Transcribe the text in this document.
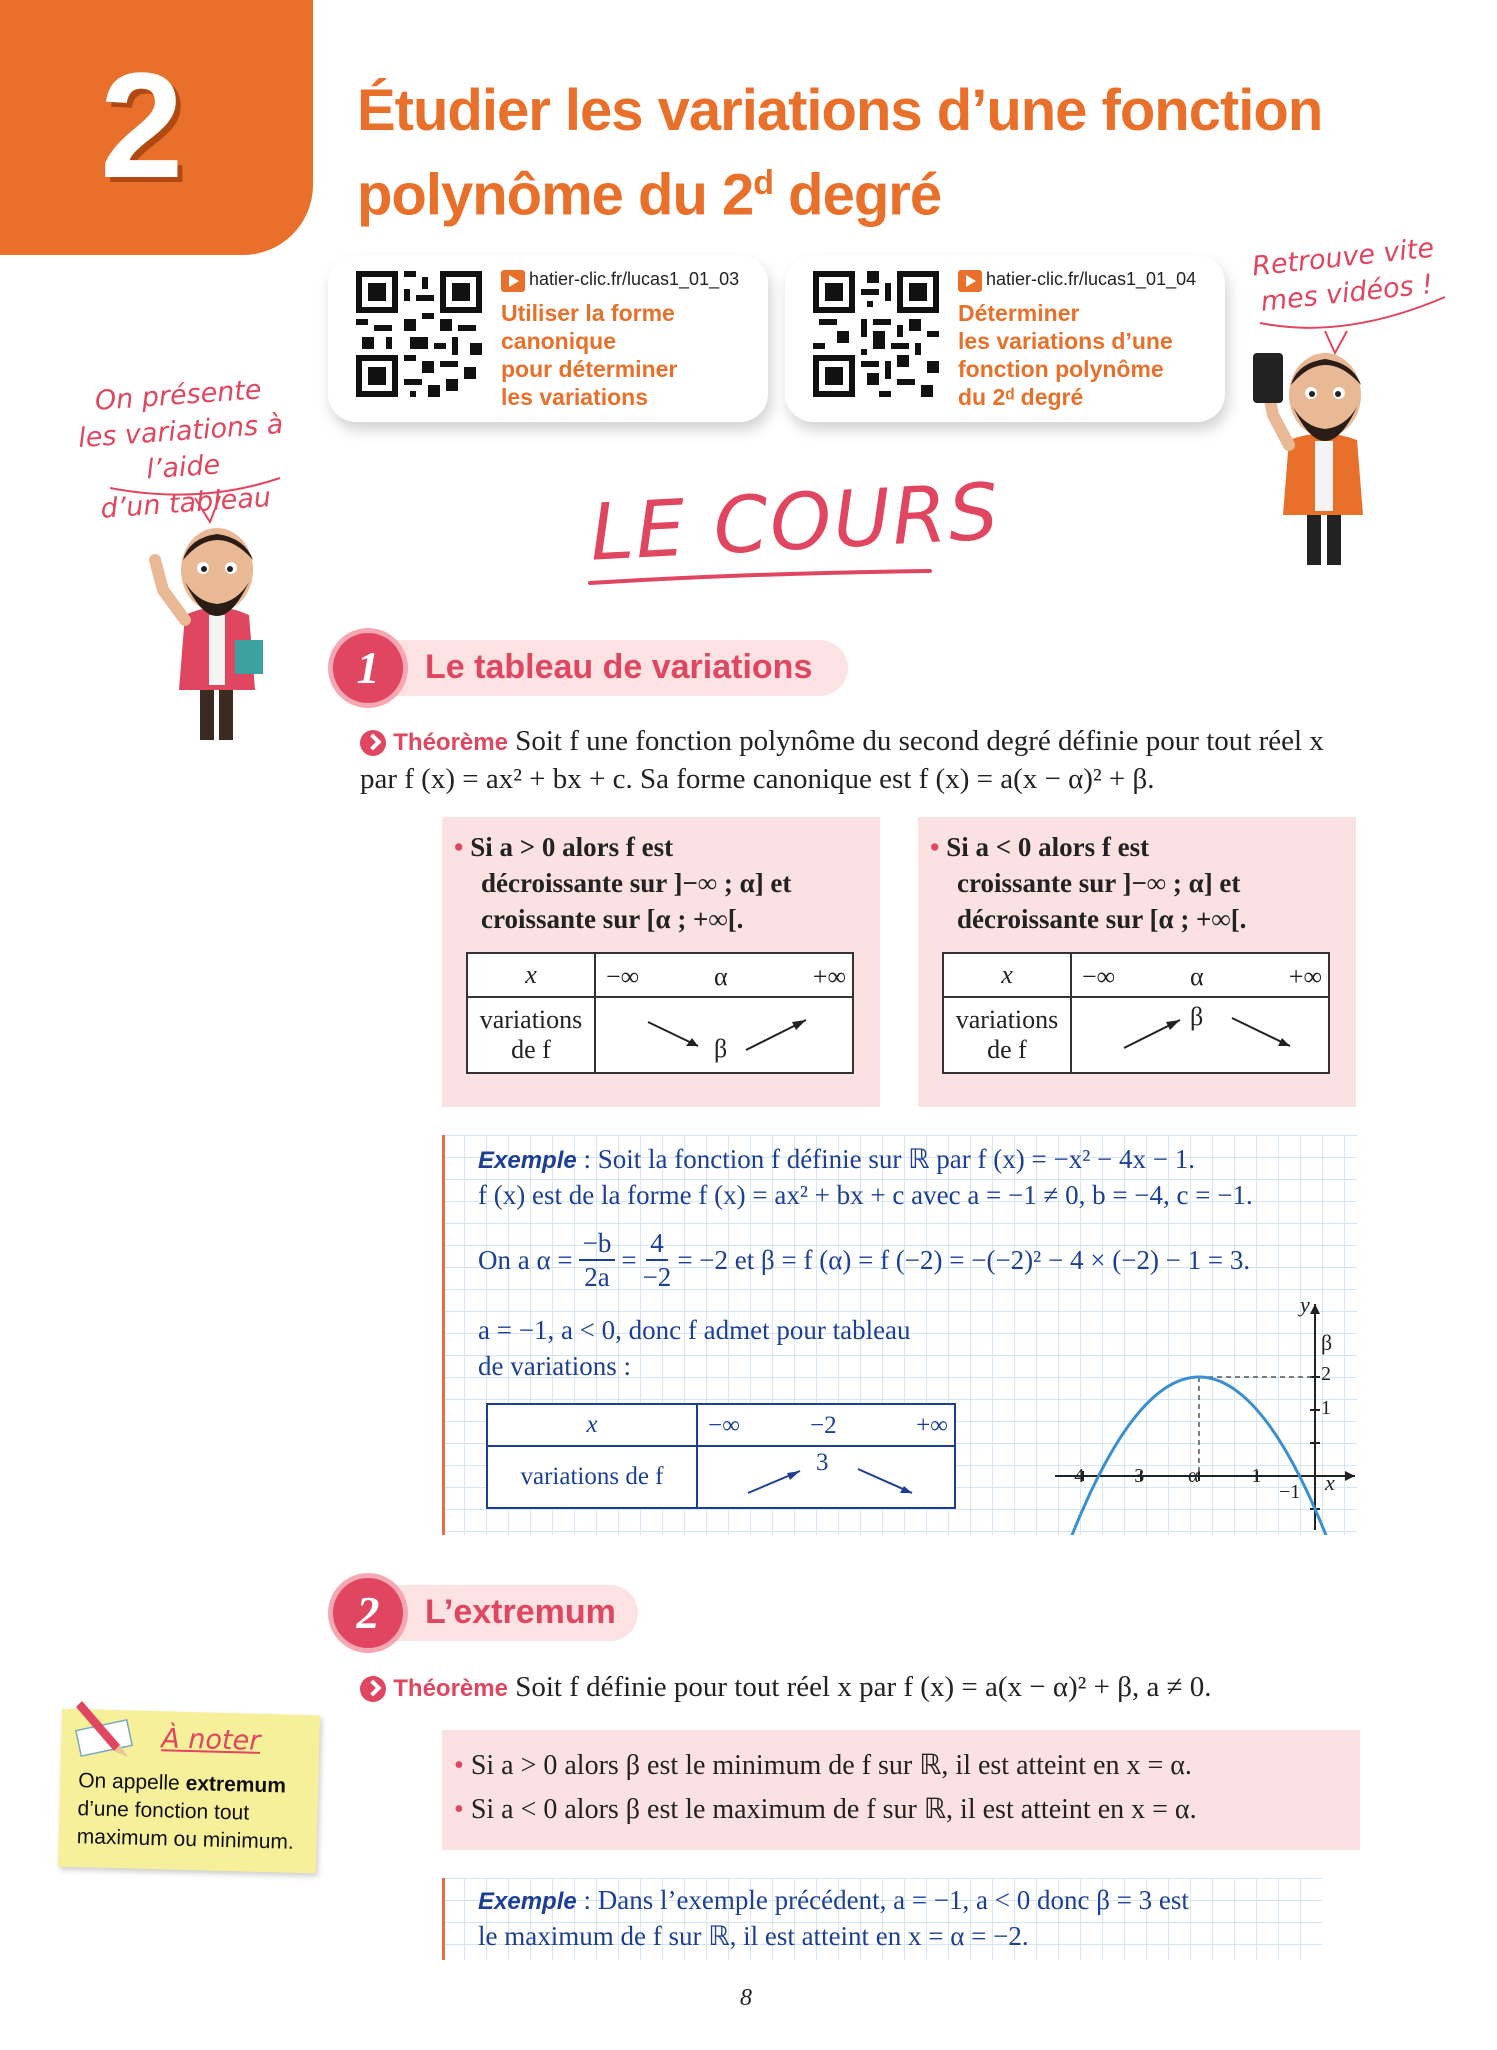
2	Étudier les variations d’une fonction
polynôme du 2$^d$ degré
hatier-clic.fr/lucas1_01_03
Utiliser la forme
canonique
pour déterminer
les variations
hatier-clic.fr/lucas1_01_04
Déterminer
les variations d’une
fonction polynôme
du 2ᵈ degré
On présente
les variations à l’aide
d’un tableau
Retrouve vite
mes vidéos !
LE COURS
1	Le tableau de variations
Théorème Soit f une fonction polynôme du second degré définie pour tout réel x
par f (x) = ax² + bx + c. Sa forme canonique est f (x) = a(x − α)² + β.
• Si a > 0 alors f est
décroissante sur ]−∞ ; α] et
croissante sur [α ; +∞[.
x	−∞ α +∞

variations
de f	β
• Si a < 0 alors f est
croissante sur ]−∞ ; α] et
décroissante sur [α ; +∞[.
x	−∞ α +∞

variations
de f	β
Exemple : Soit la fonction f définie sur ℝ par f (x) = −x² − 4x − 1.
f (x) est de la forme f (x) = ax² + bx + c avec a = −1 ≠ 0, b = −4, c = −1.
On a $\alpha = \frac{-b}{2a} = \frac{4}{-2} = -2$ et β = f (α) = f (−2) = −(−2)² − 4 × (−2) − 1 = 3.
a = −1, a < 0, donc f admet pour tableau
de variations :
x	−∞ −2 +∞

variations de f	3
y
x
−4 −3 α −1
−1
β
2
1
2	L’extremum
Théorème Soit f définie pour tout réel x par f (x) = a(x − α)² + β, a ≠ 0.
• Si a > 0 alors β est le minimum de f sur ℝ, il est atteint en x = α.
• Si a < 0 alors β est le maximum de f sur ℝ, il est atteint en x = α.
Exemple : Dans l’exemple précédent, a = −1, a < 0 donc β = 3 est
le maximum de f sur ℝ, il est atteint en x = α = −2.
À noter
On appelle extremum
d’une fonction tout
maximum ou minimum.
8
